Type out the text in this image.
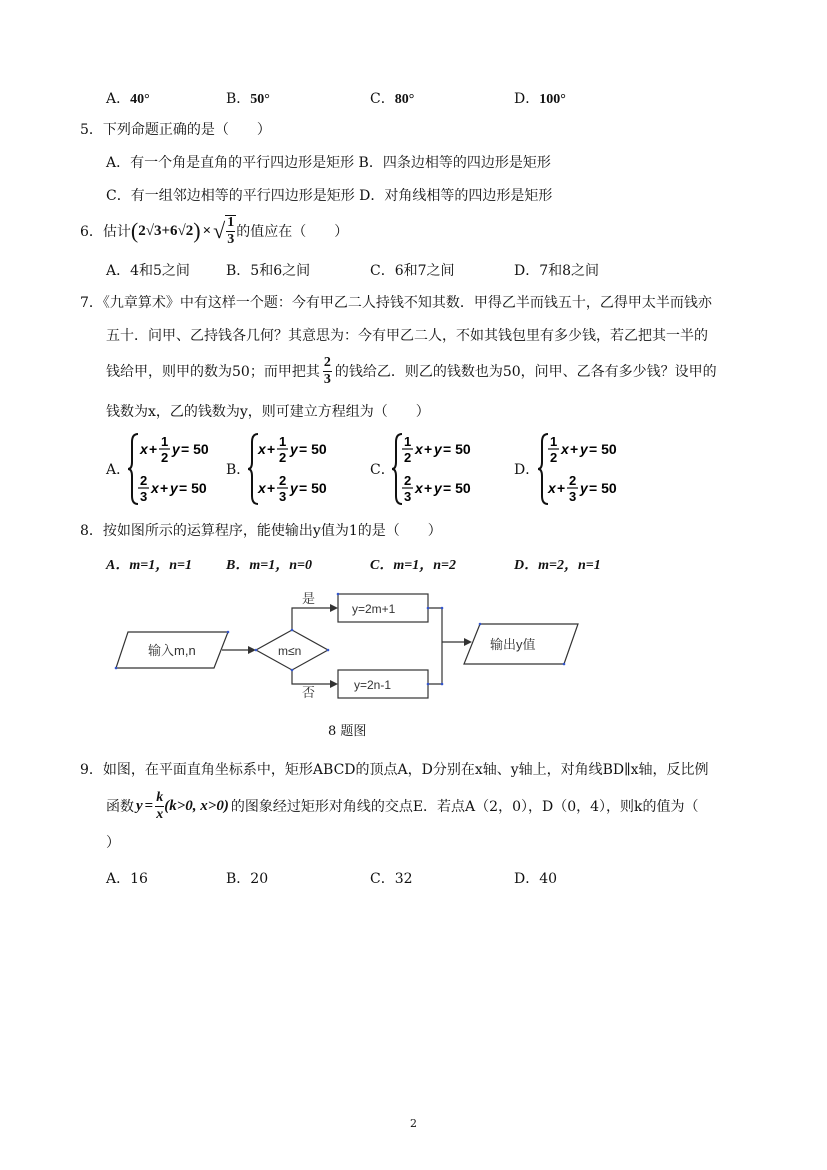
A．40°	B．50°	C．80°	D．100°
5．下列命题正确的是（　　）
A．有一个角是直角的平行四边形是矩形 B．四条边相等的四边形是矩形
C．有一组邻边相等的平行四边形是矩形 D．对角线相等的四边形是矩形
6．估计 ( 2√3 + 6√2 ) × √ $\frac{1}{3}$ 的值应在（　　）
A．4和5之间	B．5和6之间	C．6和7之间	D．7和8之间
7．《九章算术》中有这样一个题：今有甲乙二人持钱不知其数．甲得乙半而钱五十，乙得甲太半而钱亦
五十．问甲、乙持钱各几何？其意思为：今有甲乙二人，不如其钱包里有多少钱，若乙把其一半的
钱给甲，则甲的数为50；而甲把其 $\frac{2}{3}$ 的钱给乙．则乙的钱数也为50，问甲、乙各有多少钱？设甲的
钱数为x，乙的钱数为y，则可建立方程组为（　　）
A．	B．	C．	D．
x + 1
2
y = 50
2
3
x + y = 50
x + 1
2
y = 50
x + 2
3
y = 50
1
2
x + y = 50
2
3
x + y = 50
1
2
x + y = 50
x + 2
3
y = 50
8．按如图所示的运算程序，能使输出y值为1的是（　　）
A．m=1，n=1 B．m=1，n=0	C．m=1，n=2	D．m=2，n=1
输入m,n	m≤n
是
y=2m+1
否	y=2n-1
输出y值
8 题图
9．如图，在平面直角坐标系中，矩形ABCD的顶点A，D分别在x轴、y轴上，对角线BD∥x轴，反比例
函数 $y = \frac{k}{x} (k>0$, x>0) 的图象经过矩形对角线的交点E．若点A（2，0），D（0，4），则k的值为（
）
A．16	B．20	C．32	D．40
2
